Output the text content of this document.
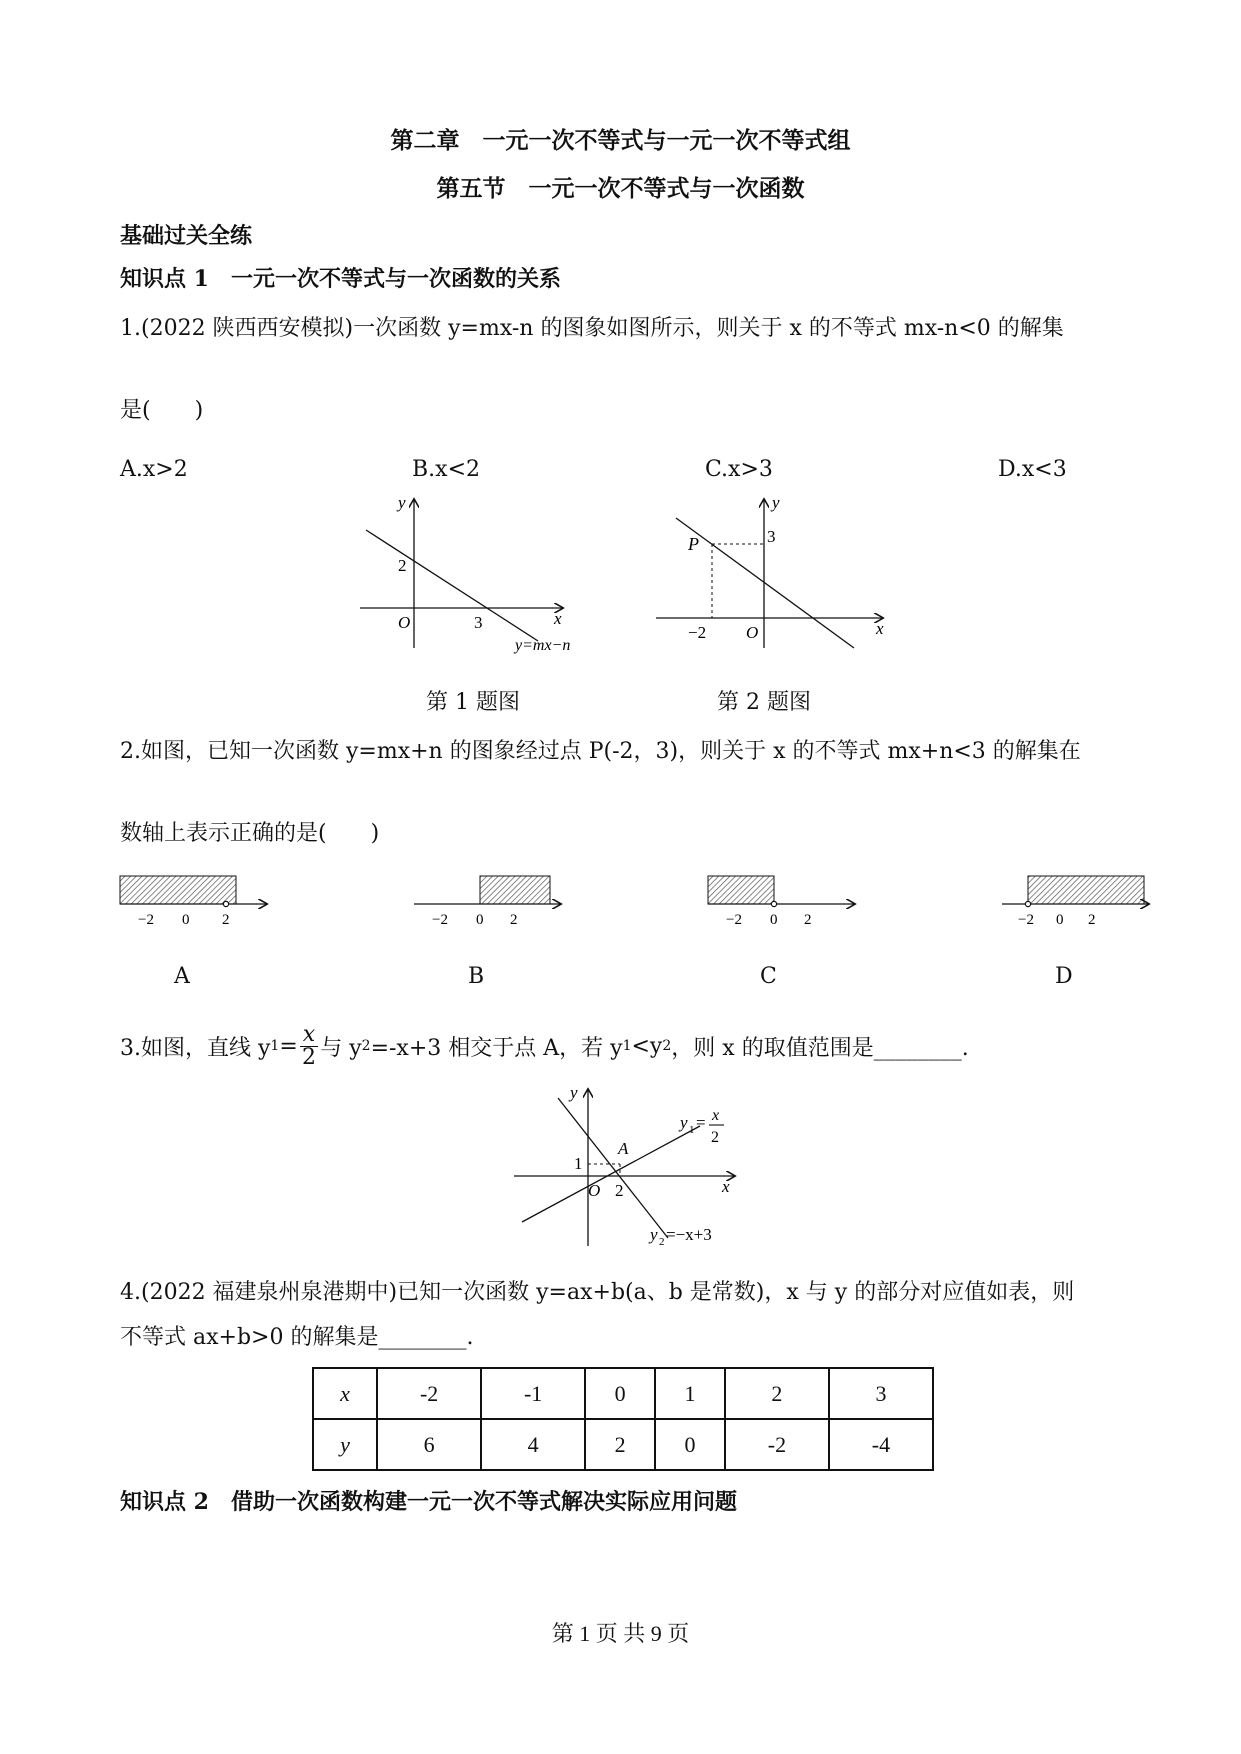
第二章　一元一次不等式与一元一次不等式组
第五节　一元一次不等式与一次函数
基础过关全练
知识点 1　一元一次不等式与一次函数的关系
1.(2022 陕西西安模拟)一次函数 y=mx-n 的图象如图所示，则关于 x 的不等式 mx-n<0 的解集
是(　　)
A.x>2	B.x<2	C.x>3	D.x<3
y
x
O
2
3
y=mx−n
y
x
O
P	3
−2
第 1 题图	第 2 题图
2.如图，已知一次函数 y=mx+n 的图象经过点 P(-2，3)，则关于 x 的不等式 mx+n<3 的解集在
数轴上表示正确的是(　　)
−2 0 2	−2 0 2	−2 0 2	−2 0 2
A	B	C	D
3.如图，直线 y $1 = \frac{x}{2}$ 与 y 2 =-x+3 相交于点 A，若 y 1 <y 2 ，则 x 的取值范围是________.
y
x
O
A
1
2
y 1 = x
2
y 2 =−x+3
4.(2022 福建泉州泉港期中)已知一次函数 y=ax+b(a、b 是常数)，x 与 y 的部分对应值如表，则
不等式 ax+b>0 的解集是________.
x	-2	-1	0	1	2	3
y	6	4	2	0	-2	-4
知识点 2　借助一次函数构建一元一次不等式解决实际应用问题
第 1 页 共 9 页
